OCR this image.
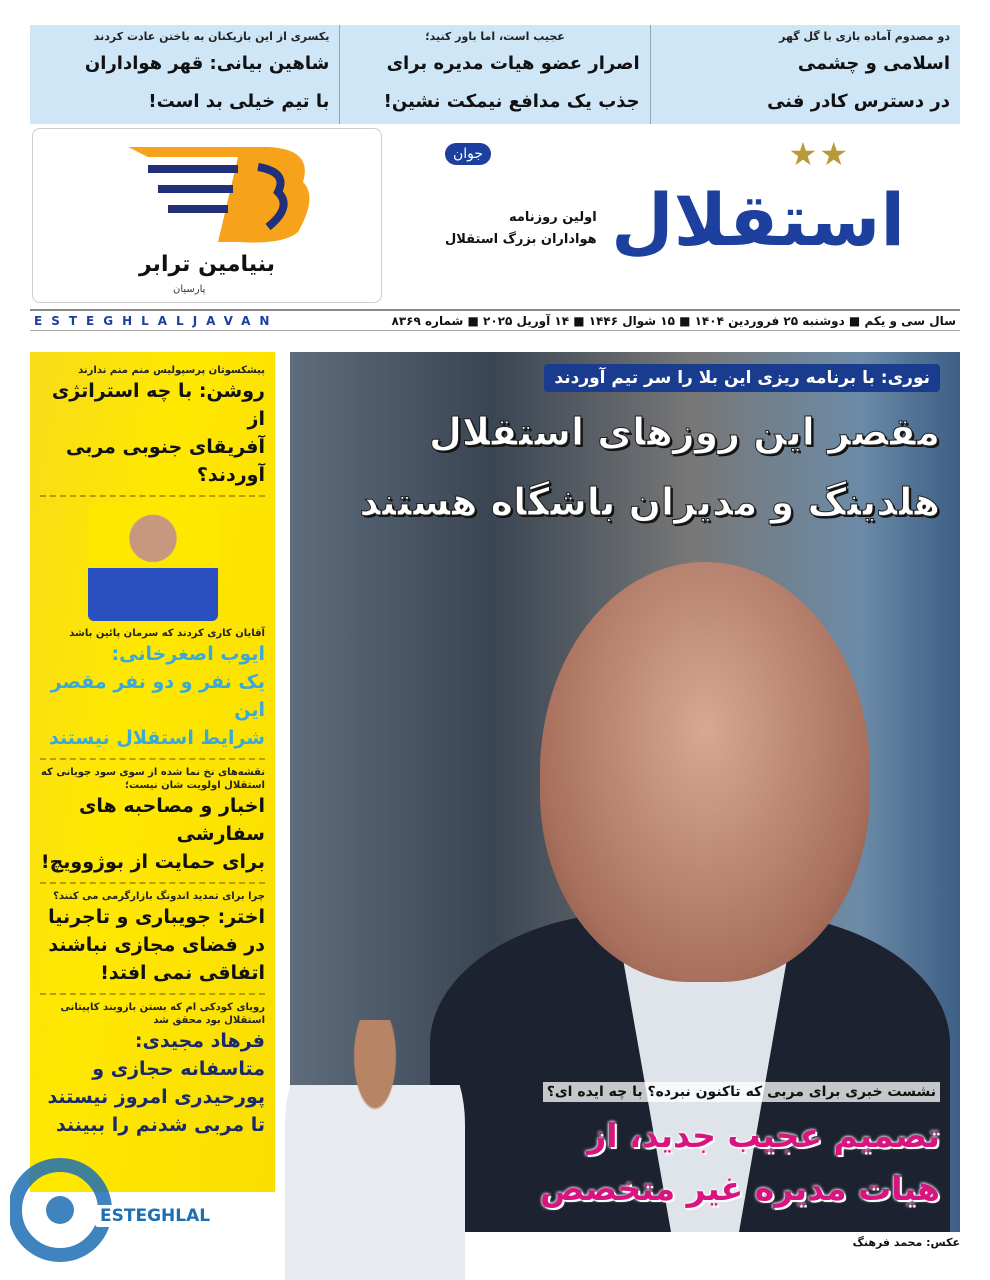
دو مصدوم آماده بازی با گل گهر
اسلامی و چشمی
در دسترس کادر فنی
عجیب است، اما باور کنید؛
اصرار عضو هیات مدیره برای
جذب یک مدافع نیمکت نشین!
یکسری از این بازیکنان به باختن عادت کردند
شاهین بیانی: قهر هواداران
با تیم خیلی بد است!
بنیامین ترابر
پارسیان
★★
استقلال
اولین روزنامه
هواداران بزرگ استقلال
جوان
سال سی و یکم ■ دوشنبه ۲۵ فروردین ۱۴۰۴ ■ ۱۵ شوال ۱۴۴۶ ■ ۱۴ آوریل ۲۰۲۵ ■ شماره ۸۳۶۹
ESTEGHLALJAVAN
نوری: با برنامه ریزی این بلا را سر تیم آوردند
مقصر این روزهای استقلال
هلدینگ و مدیران باشگاه هستند
نشست خبری برای مربی که تاکنون نبرده؟ با چه ایده ای؟
تصمیم عجیب جدید، از
هیات مدیره غیر متخصص
عکس: محمد فرهنگ
پیشکسوتان پرسپولیس منم منم ندارند
روشن: با چه استراتژی از
آفریقای جنوبی مربی آوردند؟
آقایان کاری کردند که سرمان پائین باشد
ایوب اصغرخانی:
یک نفر و دو نفر مقصر این
شرایط استقلال نیستند
نقشه‌های نخ نما شده از سوی سود جویانی که استقلال اولویت شان نیست؛
اخبار و مصاحبه های سفارشی
برای حمایت از بوژوویچ!
چرا برای تمدید اندونگ بازارگرمی می کنند؟
اختر: جویباری و تاجرنیا
در فضای مجازی نباشند
اتفاقی نمی افتد!
رویای کودکی ام که بستن بازوبند کاپیتانی استقلال بود محقق شد
فرهاد مجیدی:
متاسفانه حجازی و
پورحیدری امروز نیستند
تا مربی شدنم را ببینند
ESTEGHLAL
